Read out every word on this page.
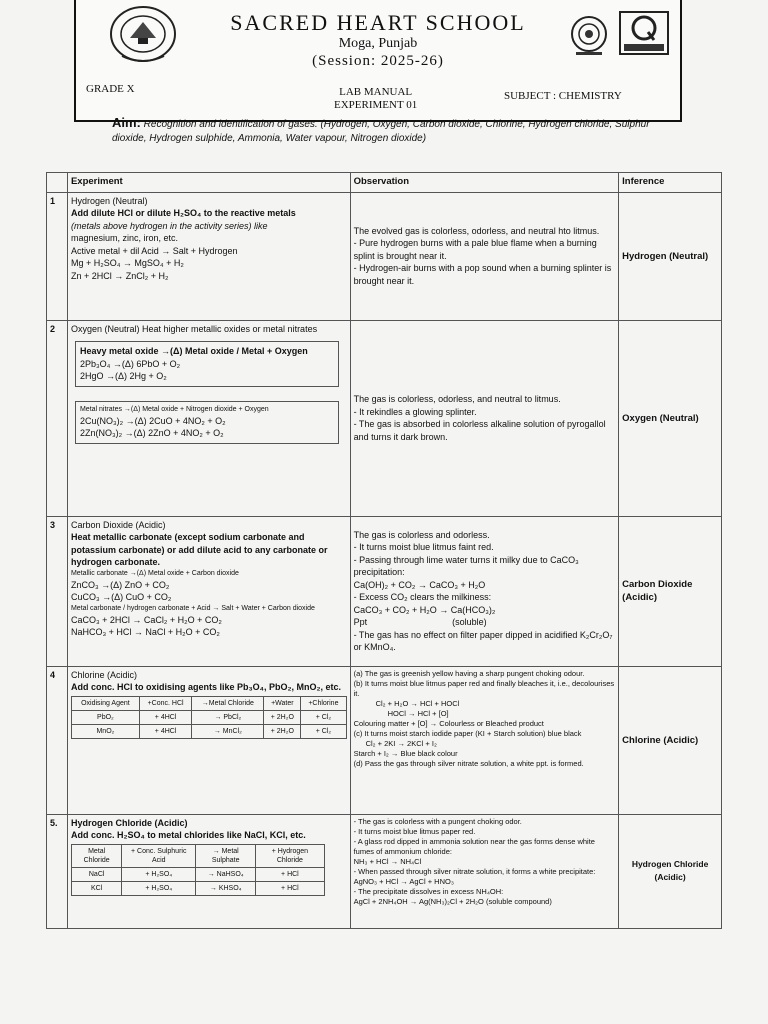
SACRED HEART SCHOOL
Moga, Punjab
(Session: 2025-26)
GRADE X	LAB MANUAL
EXPERIMENT 01
SUBJECT : CHEMISTRY
Aim: Recognition and identification of gases. (Hydrogen, Oxygen, Carbon dioxide, Chlorine, Hydrogen chloride, Sulphur dioxide, Hydrogen sulphide, Ammonia, Water vapour, Nitrogen dioxide)
	Experiment	Observation	Inference
1	Hydrogen (Neutral)
Add dilute HCl or dilute H₂SO₄ to the reactive metals
(metals above hydrogen in the activity series) like
magnesium, zinc, iron, etc.
Active metal + dil Acid → Salt + Hydrogen
Mg + H₂SO₄ → MgSO₄ + H₂
Zn + 2HCl → ZnCl₂ + H₂

The evolved gas is colorless, odorless, and neutral hto litmus.
- Pure hydrogen burns with a pale blue flame when a burning splint is brought near it.
- Hydrogen-air burns with a pop sound when a burning splinter is brought near it.
	Hydrogen (Neutral)
2	Oxygen (Neutral) Heat higher metallic oxides or metal nitrates
Heavy metal oxide →(Δ) Metal oxide / Metal + Oxygen
2Pb₃O₄ →(Δ) 6PbO + O₂
2HgO →(Δ) 2Hg + O₂
Metal nitrates →(Δ) Metal oxide + Nitrogen dioxide + Oxygen
2Cu(NO₃)₂ →(Δ) 2CuO + 4NO₂ + O₂
2Zn(NO₃)₂ →(Δ) 2ZnO + 4NO₂ + O₂

The gas is colorless, odorless, and neutral to litmus.
- It rekindles a glowing splinter.
- The gas is absorbed in colorless alkaline solution of pyrogallol and turns it dark brown.
	Oxygen (Neutral)
3	Carbon Dioxide (Acidic)
Heat metallic carbonate (except sodium carbonate and potassium carbonate) or add dilute acid to any carbonate or hydrogen carbonate.
Metallic carbonate →(Δ) Metal oxide + Carbon dioxide
ZnCO₃ →(Δ) ZnO + CO₂
CuCO₃ →(Δ) CuO + CO₂
Metal carbonate / hydrogen carbonate + Acid → Salt + Water + Carbon dioxide
CaCO₃ + 2HCl → CaCl₂ + H₂O + CO₂
NaHCO₃ + HCl → NaCl + H₂O + CO₂

The gas is colorless and odorless.
- It turns moist blue litmus faint red.
- Passing through lime water turns it milky due to CaCO₃ precipitation:
Ca(OH)₂ + CO₂ → CaCO₃ + H₂O
- Excess CO₂ clears the milkiness:
CaCO₃ + CO₂ + H₂O → Ca(HCO₃)₂
Ppt                                  (soluble)
- The gas has no effect on filter paper dipped in acidified K₂Cr₂O₇ or KMnO₄.
	Carbon Dioxide (Acidic)
4	Chlorine (Acidic)
Add conc. HCl to oxidising agents like Pb₃O₄, PbO₂, MnO₂, etc.
Oxidising Agent	+Conc. HCl	→Metal Chloride	+Water	+Chlorine
PbO₂	+ 4HCl	→ PbCl₂	+ 2H₂O	+ Cl₂
MnO₂	+ 4HCl	→ MnCl₂	+ 2H₂O	+ Cl₂

(a) The gas is greenish yellow having a sharp pungent choking odour.
(b) It turns moist blue litmus paper red and finally bleaches it, i.e., decolourises it.
Cl₂ + H₂O → HCl + HOCl
HOCl → HCl + [O]
Colouring matter + [O] → Colourless or Bleached product
(c) It turns moist starch iodide paper (KI + Starch solution) blue black
Cl₂ + 2KI → 2KCl + I₂
Starch + I₂ → Blue black colour
(d) Pass the gas through silver nitrate solution, a white ppt. is formed.
	Chlorine (Acidic)
5.	Hydrogen Chloride (Acidic)
Add conc. H₂SO₄ to metal chlorides like NaCl, KCl, etc.
Metal Chloride	+ Conc. Sulphuric Acid	→ Metal Sulphate	+ Hydrogen Chloride
NaCl	+ H₂SO₄	→ NaHSO₄	+ HCl
KCl	+ H₂SO₄	→ KHSO₄	+ HCl

- The gas is colorless with a pungent choking odor.
- It turns moist blue litmus paper red.
- A glass rod dipped in ammonia solution near the gas forms dense white fumes of ammonium chloride:
NH₃ + HCl → NH₄Cl
- When passed through silver nitrate solution, it forms a white precipitate:
AgNO₃ + HCl → AgCl + HNO₃
- The precipitate dissolves in excess NH₄OH:
AgCl + 2NH₄OH → Ag(NH₃)₂Cl + 2H₂O (soluble compound)
	Hydrogen Chloride (Acidic)
